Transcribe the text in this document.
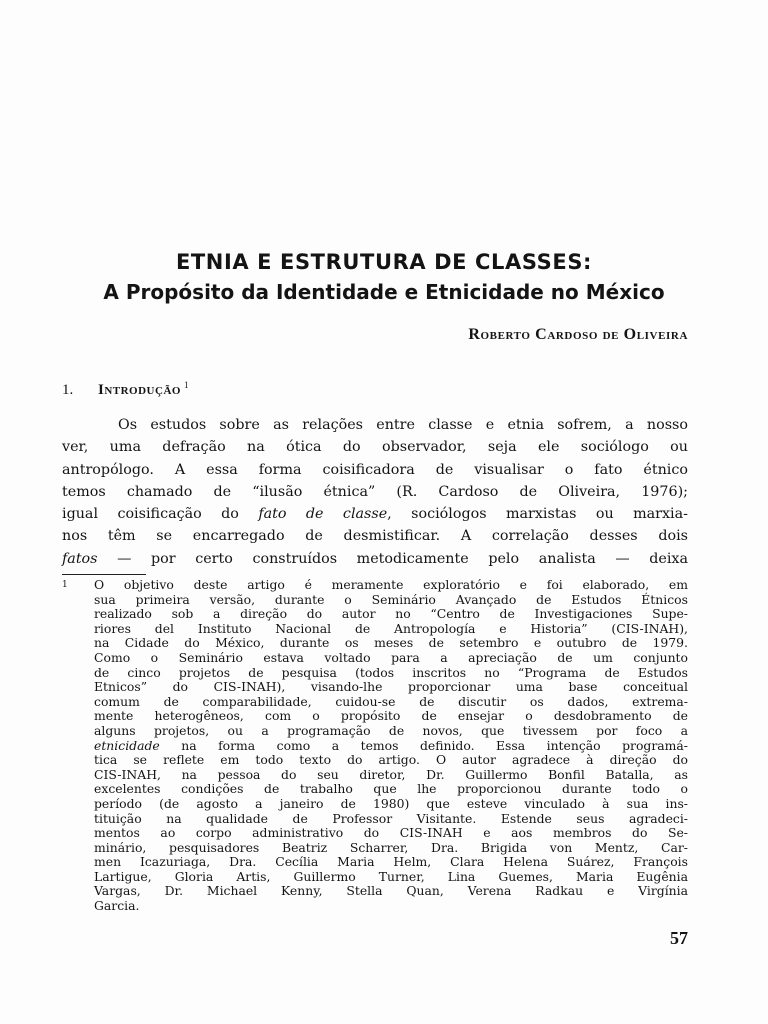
ETNIA E ESTRUTURA DE CLASSES:
A Propósito da Identidade e Etnicidade no México

Roberto Cardoso de Oliveira

1. Introdução $^1$

Os estudos sobre as relações entre classe e etnia sofrem, a nosso
ver, uma defração na ótica do observador, seja ele sociólogo ou
antropólogo. A essa forma coisificadora de visualisar o fato étnico
temos chamado de “ilusão étnica” (R. Cardoso de Oliveira, 1976);
igual coisificação do fato de classe, sociólogos marxistas ou marxia-
nos têm se encarregado de desmistificar. A correlação desses dois
fatos — por certo construídos metodicamente pelo analista — deixa
1 O objetivo deste artigo é meramente exploratório e foi elaborado, em
sua primeira versão, durante o Seminário Avançado de Estudos Étnicos
realizado sob a direção do autor no “Centro de Investigaciones Supe-
riores del Instituto Nacional de Antropología e Historia” (CIS-INAH),
na Cidade do México, durante os meses de setembro e outubro de 1979.
Como o Seminário estava voltado para a apreciação de um conjunto
de cinco projetos de pesquisa (todos inscritos no “Programa de Estudos
Etnicos” do CIS-INAH), visando-lhe proporcionar uma base conceitual
comum de comparabilidade, cuidou-se de discutir os dados, extrema-
mente heterogêneos, com o propósito de ensejar o desdobramento de
alguns projetos, ou a programação de novos, que tivessem por foco a
etnicidade na forma como a temos definido. Essa intenção programá-
tica se reflete em todo texto do artigo. O autor agradece à direção do
CIS-INAH, na pessoa do seu diretor, Dr. Guillermo Bonfil Batalla, as
excelentes condições de trabalho que lhe proporcionou durante todo o
período (de agosto a janeiro de 1980) que esteve vinculado à sua ins-
tituição na qualidade de Professor Visitante. Estende seus agradeci-
mentos ao corpo administrativo do CIS-INAH e aos membros do Se-
minário, pesquisadores Beatriz Scharrer, Dra. Brigida von Mentz, Car-
men Icazuriaga, Dra. Cecília Maria Helm, Clara Helena Suárez, François
Lartigue, Gloria Artis, Guillermo Turner, Lina Guemes, Maria Eugênia
Vargas, Dr. Michael Kenny, Stella Quan, Verena Radkau e Virgínia
Garcia.

57
